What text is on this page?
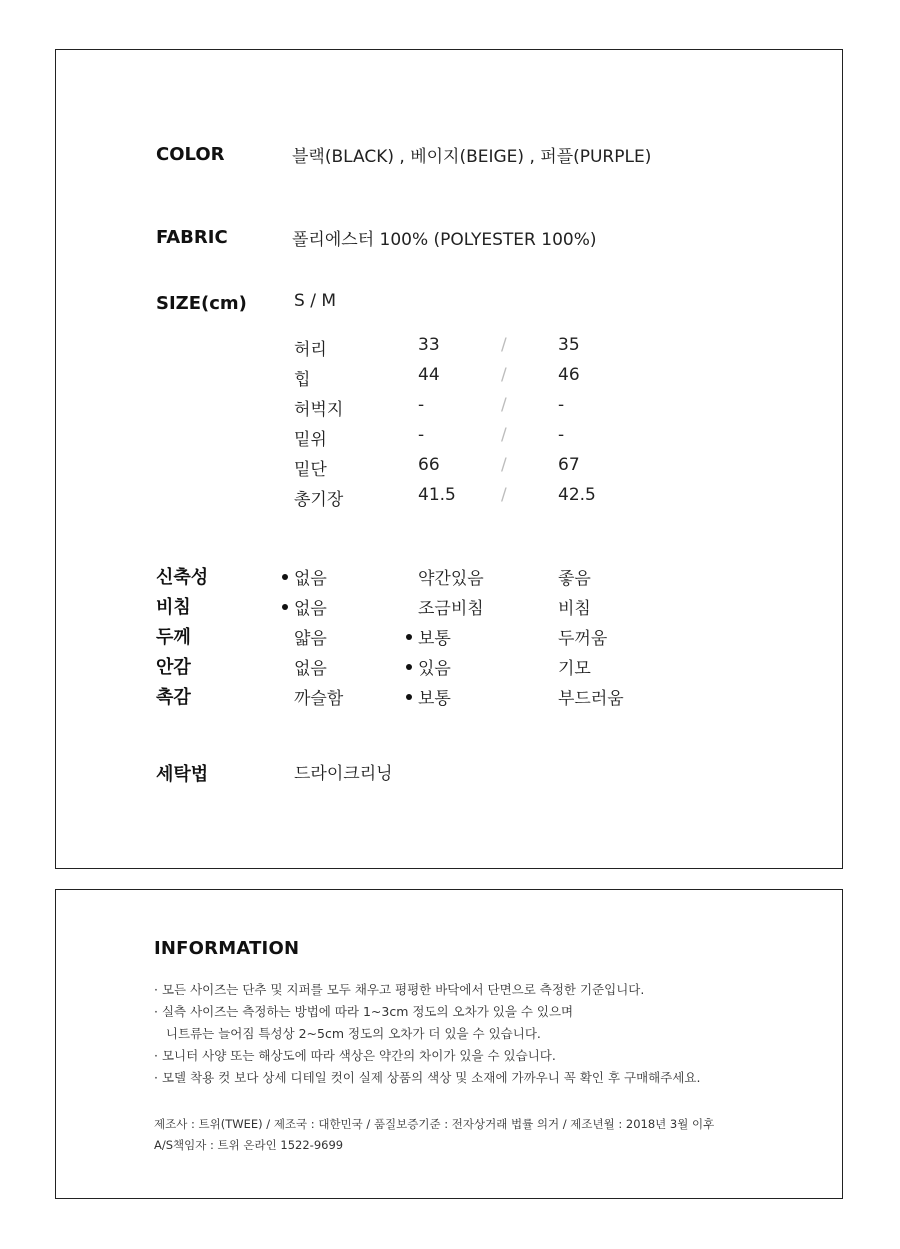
COLOR	블랙(BLACK) , 베이지(BEIGE) , 퍼플(PURPLE)
FABRIC	폴리에스터 100% (POLYESTER 100%)
SIZE(cm)	S / M
허리	33	/	35
힙	44	/	46
허벅지	-	/	-
밑위	-	/	-
밑단	66	/	67
총기장	41.5	/	42.5
신축성	없음	약간있음	좋음
비침	없음	조금비침	비침
두께	얇음	보통	두꺼움
안감	없음	있음	기모
촉감	까슬함	보통	부드러움
세탁법	드라이크리닝
INFORMATION
· 모든 사이즈는 단추 및 지퍼를 모두 채우고 평평한 바닥에서 단면으로 측정한 기준입니다.
· 실측 사이즈는 측정하는 방법에 따라 1~3cm 정도의 오차가 있을 수 있으며
니트류는 늘어짐 특성상 2~5cm 정도의 오차가 더 있을 수 있습니다.
· 모니터 사양 또는 해상도에 따라 색상은 약간의 차이가 있을 수 있습니다.
· 모델 착용 컷 보다 상세 디테일 컷이 실제 상품의 색상 및 소재에 가까우니 꼭 확인 후 구매해주세요.
제조사 : 트위(TWEE) / 제조국 : 대한민국 / 품질보증기준 : 전자상거래 법률 의거 / 제조년월 : 2018년 3월 이후
A/S책임자 : 트위 온라인 1522-9699
